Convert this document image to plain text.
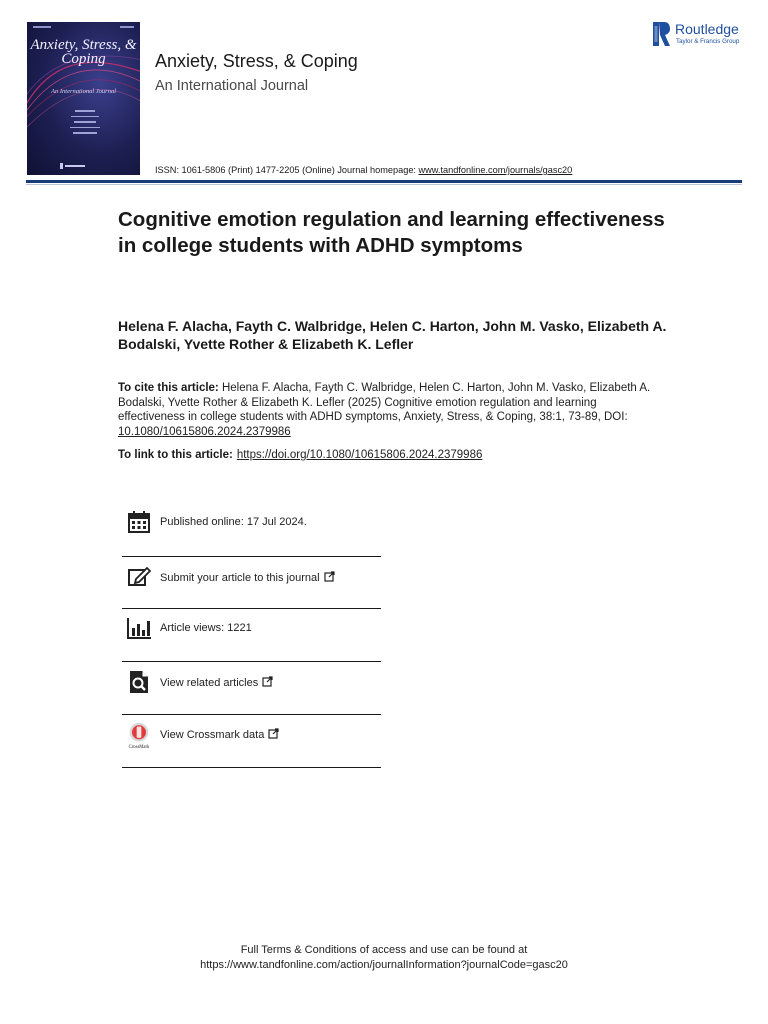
Anxiety, Stress, & Coping
An International Journal
Anxiety, Stress, & Coping
An International Journal
ISSN: 1061-5806 (Print) 1477-2205 (Online) Journal homepage: www.tandfonline.com/journals/gasc20
Routledge
Taylor & Francis Group
Cognitive emotion regulation and learning effectiveness in college students with ADHD symptoms
Helena F. Alacha, Fayth C. Walbridge, Helen C. Harton, John M. Vasko, Elizabeth A. Bodalski, Yvette Rother & Elizabeth K. Lefler
To cite this article: Helena F. Alacha, Fayth C. Walbridge, Helen C. Harton, John M. Vasko, Elizabeth A. Bodalski, Yvette Rother & Elizabeth K. Lefler (2025) Cognitive emotion regulation and learning effectiveness in college students with ADHD symptoms, Anxiety, Stress, & Coping, 38:1, 73-89, DOI: 10.1080/10615806.2024.2379986
To link to this article: https://doi.org/10.1080/10615806.2024.2379986
Published online: 17 Jul 2024.
Submit your article to this journal
Article views: 1221
View related articles
CrossMark
View Crossmark data
Full Terms & Conditions of access and use can be found at
https://www.tandfonline.com/action/journalInformation?journalCode=gasc20
